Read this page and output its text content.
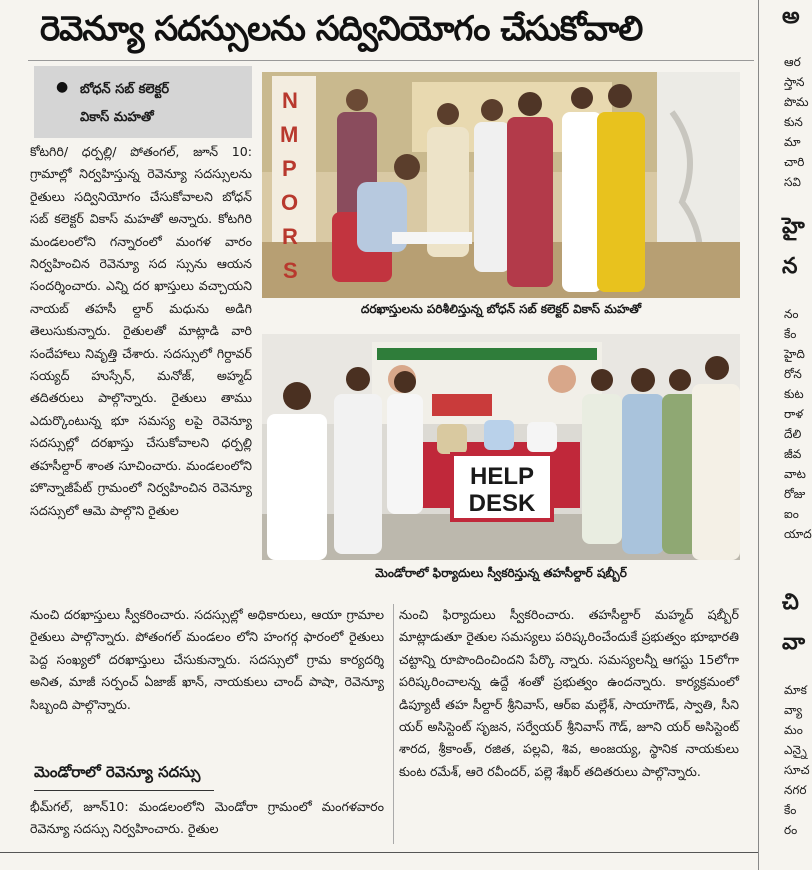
రెవెన్యూ సదస్సులను సద్వినియోగం చేసుకోవాలి
● బోధన్ సబ్ కలెక్టర్
వికాస్ మహతో

కోటగిరి/ ధర్పల్లి/ పోతంగల్, జూన్ 10: గ్రామాల్లో నిర్వహిస్తున్న రెవెన్యూ సదస్సులను రైతులు సద్వినియోగం చేసుకోవాలని బోధన్ సబ్ కలెక్టర్ వికాస్ మహతో అన్నారు. కోటగిరి మండలంలోని గన్నారంలో మంగళ వారం నిర్వహించిన రెవెన్యూ సద స్సును ఆయన సందర్శించారు. ఎన్ని దర ఖాస్తులు వచ్చాయని నాయబ్ తహసీ ల్దార్ మధును అడిగి తెలుసుకున్నారు. రైతులతో మాట్లాడి వారి సందేహాలు నివృత్తి చేశారు. సదస్సులో గిర్దావర్ సయ్యద్ హుస్సేన్, మనోజ్, అహ్మద్ తదితరులు పాల్గొన్నారు. రైతులు తాము ఎదుర్కొంటున్న భూ సమస్య లపై రెవెన్యూ సదస్సుల్లో దరఖాస్తు చేసుకోవాలని ధర్పల్లి తహసీల్దార్ శాంత సూచించారు. మండలంలోని హొన్నాజీపేట్ గ్రామంలో నిర్వహించిన రెవెన్యూ సదస్సులో ఆమె పాల్గొని రైతుల

N
M
P
O
R
S
దరఖాస్తులను పరిశీలిస్తున్న బోధన్ సబ్ కలెక్టర్ వికాస్ మహతో
HELP
DESK
మెండోరాలో ఫిర్యాదులు స్వీకరిస్తున్న తహసీల్దార్ షబ్బీర్

నుంచి దరఖాస్తులు స్వీకరించారు. సదస్సుల్లో అధికారులు, ఆయా గ్రామాల రైతులు పాల్గొన్నారు. పోతంగల్ మండలం లోని హంగర్గ ఫారంలో రైతులు పెద్ద సంఖ్యలో దరఖాస్తులు చేసుకున్నారు. సదస్సులో గ్రామ కార్యదర్శి అనిత, మాజీ సర్పంచ్ ఏజాజ్ ఖాన్, నాయకులు చాంద్ పాషా, రెవెన్యూ సిబ్బంది పాల్గొన్నారు.

మెండోరాలో రెవెన్యూ సదస్సు

భీమ్‌గల్, జూన్10: మండలంలోని మెండోరా గ్రామంలో మంగళవారం రెవెన్యూ సదస్సు నిర్వహించారు. రైతుల

నుంచి ఫిర్యాదులు స్వీకరించారు. తహసీల్దార్ మహ్మద్ షబ్బీర్ మాట్లాడుతూ రైతుల సమస్యలు పరిష్కరించేందుకే ప్రభుత్వం భూభారతి చట్టాన్ని రూపొందించిందని పేర్కొ న్నారు. సమస్యలన్నీ ఆగస్టు 15లోగా పరిష్కరించాలన్న ఉద్దే శంతో ప్రభుత్వం ఉందన్నారు. కార్యక్రమంలో డిప్యూటీ తహ సీల్దార్ శ్రీనివాస్, ఆర్ఐ మల్లేశ్, సాయాగౌడ్, స్వాతి, సీని యర్ అసిస్టెంట్ సృజన, సర్వేయర్ శ్రీనివాస్ గౌడ్, జూని యర్ అసిస్టెంట్ శారద, శ్రీకాంత్, రజిత, పల్లవి, శివ, అంజయ్య, స్థానిక నాయకులు కుంట రమేశ్, ఆరె రవీందర్, పల్లె శేఖర్ తదితరులు పాల్గొన్నారు.

అ
ఆర
స్తాన
పొమ
కున
మా
చారి
సవి
హై
న
నం
కేం
హైది
రోన
కుట
రాళ
దేలి
జీవ
వాట
రోజు
ఐం
యాద
చి
వా
మాక
వ్యా
మం
ఎన్నై
సూచ
నగర
కేం
రం
